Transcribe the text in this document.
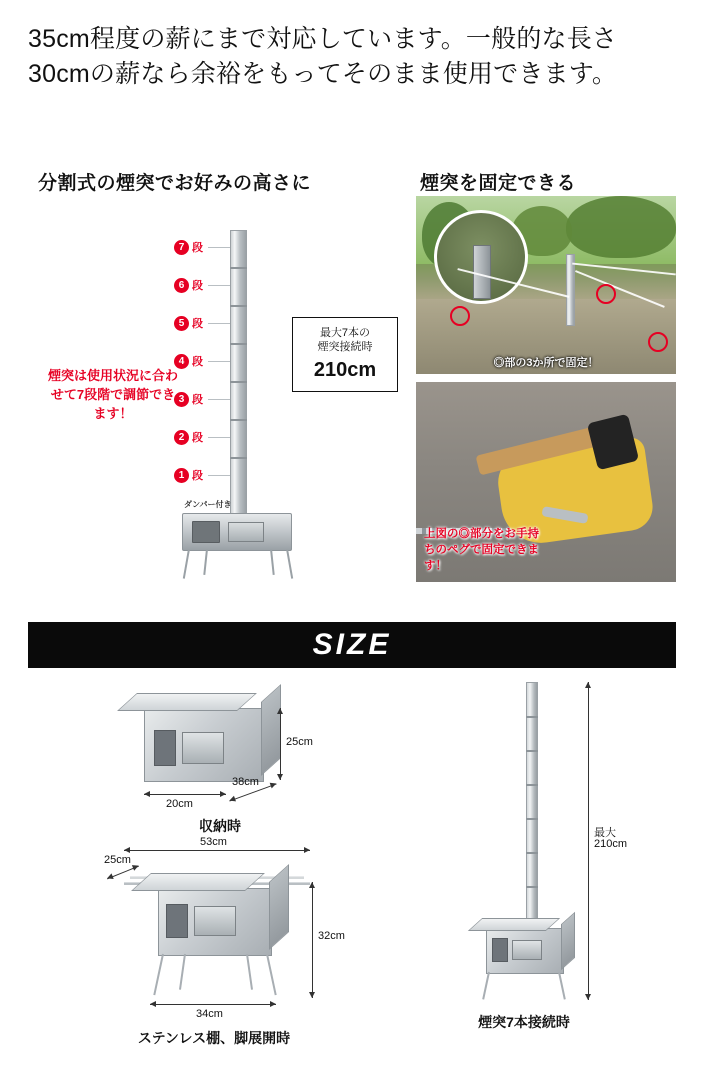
35cm程度の薪にまで対応しています。一般的な長さ30cmの薪なら余裕をもってそのまま使用できます。
分割式の煙突でお好みの高さに	煙突を固定できる
7 段
6 段
5 段
4 段
3 段
2 段
1 段
ダンパー付き
煙突は使用状況に合わせて7段階で調節できます！
最大7本の
煙突接続時
210cm	◎部の3か所で固定！
上図の◎部分をお手持ちのペグで固定できます！
SIZE
25cm
38cm
20cm
収納時
53cm
25cm
32cm
34cm
ステンレス棚、脚展開時
最大
210cm
煙突7本接続時
